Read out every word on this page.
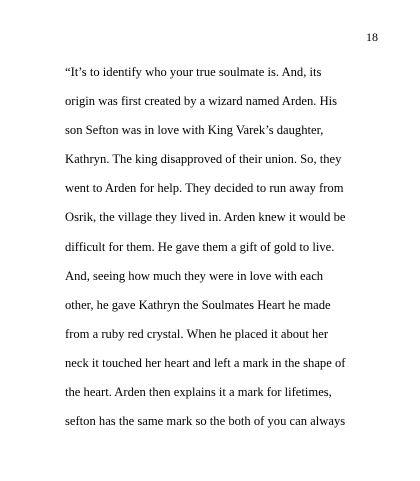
18

“It’s to identify who your true soulmate is. And, its

origin was first created by a wizard named Arden. His

son Sefton was in love with King Varek’s daughter,

Kathryn. The king disapproved of their union. So, they

went to Arden for help. They decided to run away from

Osrik, the village they lived in. Arden knew it would be

difficult for them. He gave them a gift of gold to live.

And, seeing how much they were in love with each

other, he gave Kathryn the Soulmates Heart he made

from a ruby red crystal. When he placed it about her

neck it touched her heart and left a mark in the shape of

the heart. Arden then explains it a mark for lifetimes,

sefton has the same mark so the both of you can always
